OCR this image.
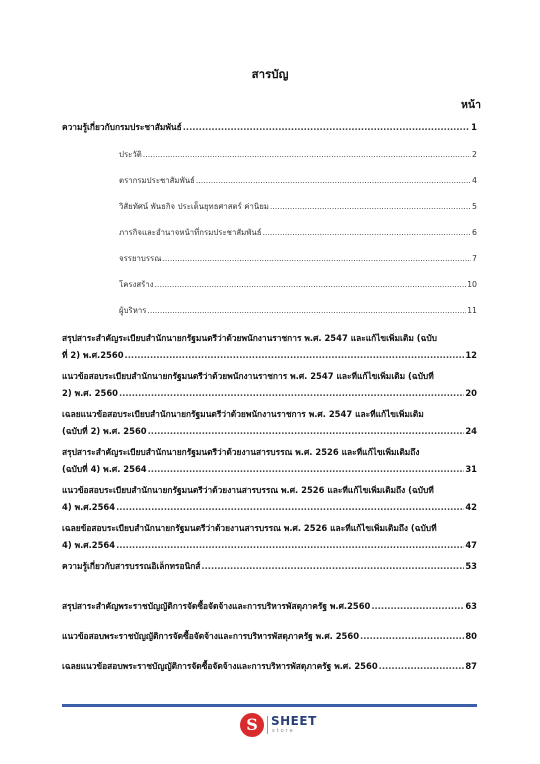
สารบัญ
หน้า
ความรู้เกี่ยวกับกรมประชาสัมพันธ์ .....	1
ประวัติ .....	2
ตรากรมประชาสัมพันธ์ .....	4
วิสัยทัศน์ พันธกิจ ประเด็นยุทธศาสตร์ ค่านิยม .....	5
ภารกิจและอำนาจหน้าที่กรมประชาสัมพันธ์ .....	6
จรรยาบรรณ .....	7
โครงสร้าง .....	10
ผู้บริหาร .....	11
สรุปสาระสำคัญระเบียบสำนักนายกรัฐมนตรีว่าด้วยพนักงานราชการ พ.ศ. 2547 และแก้ไขเพิ่มเติม (ฉบับ
ที่ 2) พ.ศ.2560 .....	12
แนวข้อสอบระเบียบสำนักนายกรัฐมนตรีว่าด้วยพนักงานราชการ พ.ศ. 2547 และที่แก้ไขเพิ่มเติม (ฉบับที่
2) พ.ศ. 2560 .....	20
เฉลยแนวข้อสอบระเบียบสำนักนายกรัฐมนตรีว่าด้วยพนักงานราชการ พ.ศ. 2547 และที่แก้ไขเพิ่มเติม
(ฉบับที่ 2) พ.ศ. 2560 .....	24
สรุปสาระสำคัญระเบียบสำนักนายกรัฐมนตรีว่าด้วยงานสารบรรณ พ.ศ. 2526 และที่แก้ไขเพิ่มเติมถึง
(ฉบับที่ 4) พ.ศ. 2564 .....	31
แนวข้อสอบระเบียบสำนักนายกรัฐมนตรีว่าด้วยงานสารบรรณ พ.ศ. 2526 และที่แก้ไขเพิ่มเติมถึง (ฉบับที่
4) พ.ศ.2564 .....	42
เฉลยข้อสอบระเบียบสำนักนายกรัฐมนตรีว่าด้วยงานสารบรรณ พ.ศ. 2526 และที่แก้ไขเพิ่มเติมถึง (ฉบับที่
4) พ.ศ.2564 .....	47
ความรู้เกี่ยวกับสารบรรณอิเล็กทรอนิกส์ .....	53
สรุปสาระสำคัญพระราชบัญญัติการจัดซื้อจัดจ้างและการบริหารพัสดุภาครัฐ พ.ศ.2560 .....	63
แนวข้อสอบพระราชบัญญัติการจัดซื้อจัดจ้างและการบริหารพัสดุภาครัฐ พ.ศ. 2560 .....	80
เฉลยแนวข้อสอบพระราชบัญญัติการจัดซื้อจัดจ้างและการบริหารพัสดุภาครัฐ พ.ศ. 2560 .....	87
S	SHEET
store
